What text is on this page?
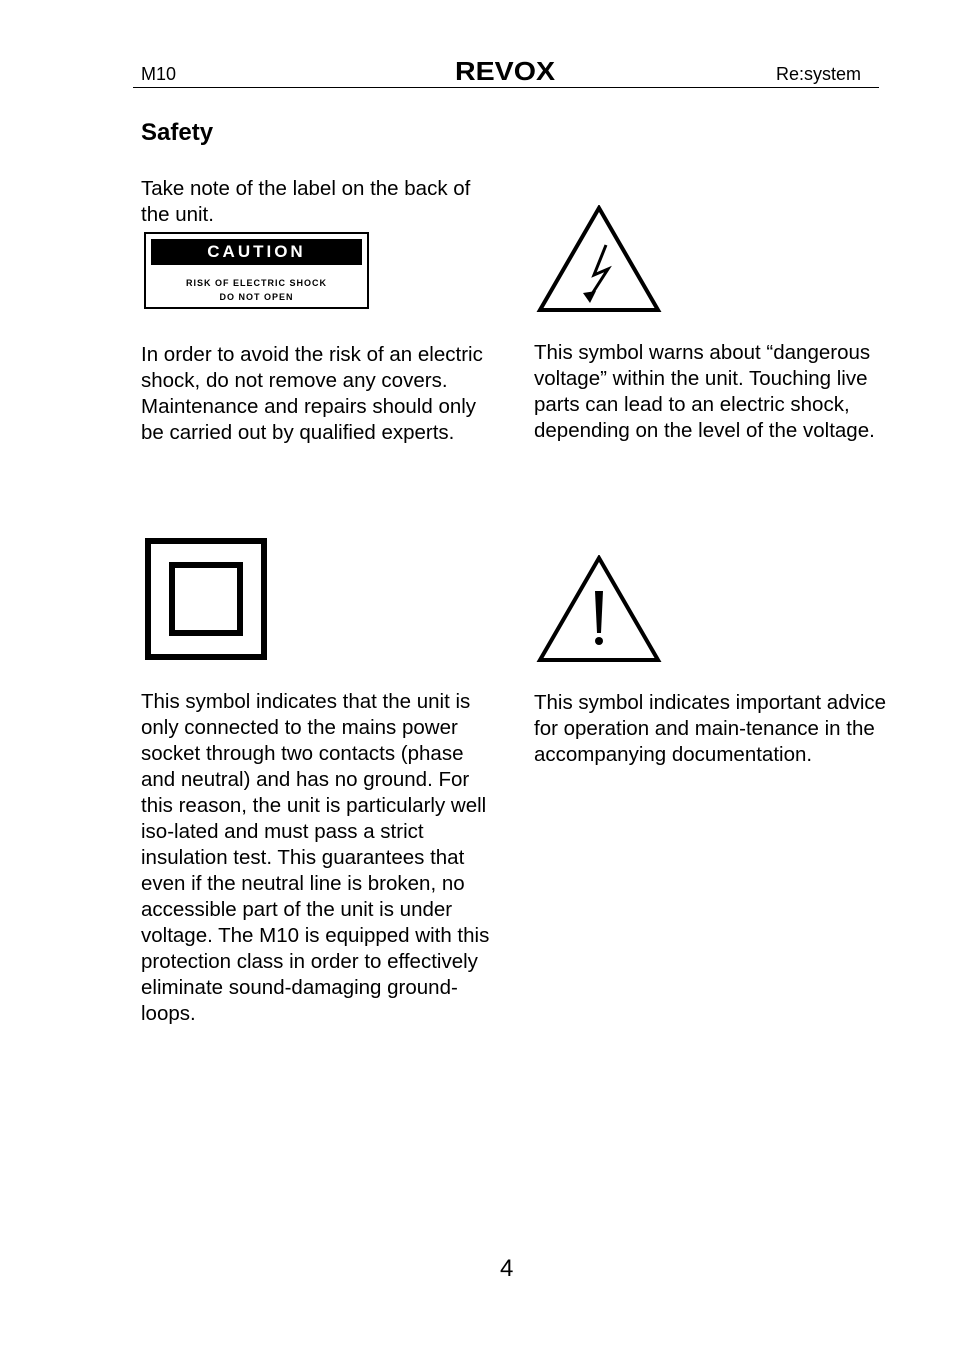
M10	REVOX	Re:system
Safety
Take note of the label on the back of the unit.
CAUTION
RISK OF ELECTRIC SHOCK
DO NOT OPEN
In order to avoid the risk of an electric shock, do not remove any covers. Maintenance and repairs should only be carried out by qualified experts.
This symbol warns about “dangerous voltage” within the unit. Touching live parts can lead to an electric shock, depending on the level of the voltage.
This symbol indicates that the unit is only connected to the mains power socket through two contacts (phase and neutral) and has no ground. For this reason, the unit is particularly well iso-lated and must pass a strict insulation test. This guarantees that even if the neutral line is broken, no accessible part of the unit is under voltage. The M10 is equipped with this protection class in order to effectively eliminate sound-damaging ground-loops.
This symbol indicates important advice for operation and main-tenance in the accompanying documentation.
4
